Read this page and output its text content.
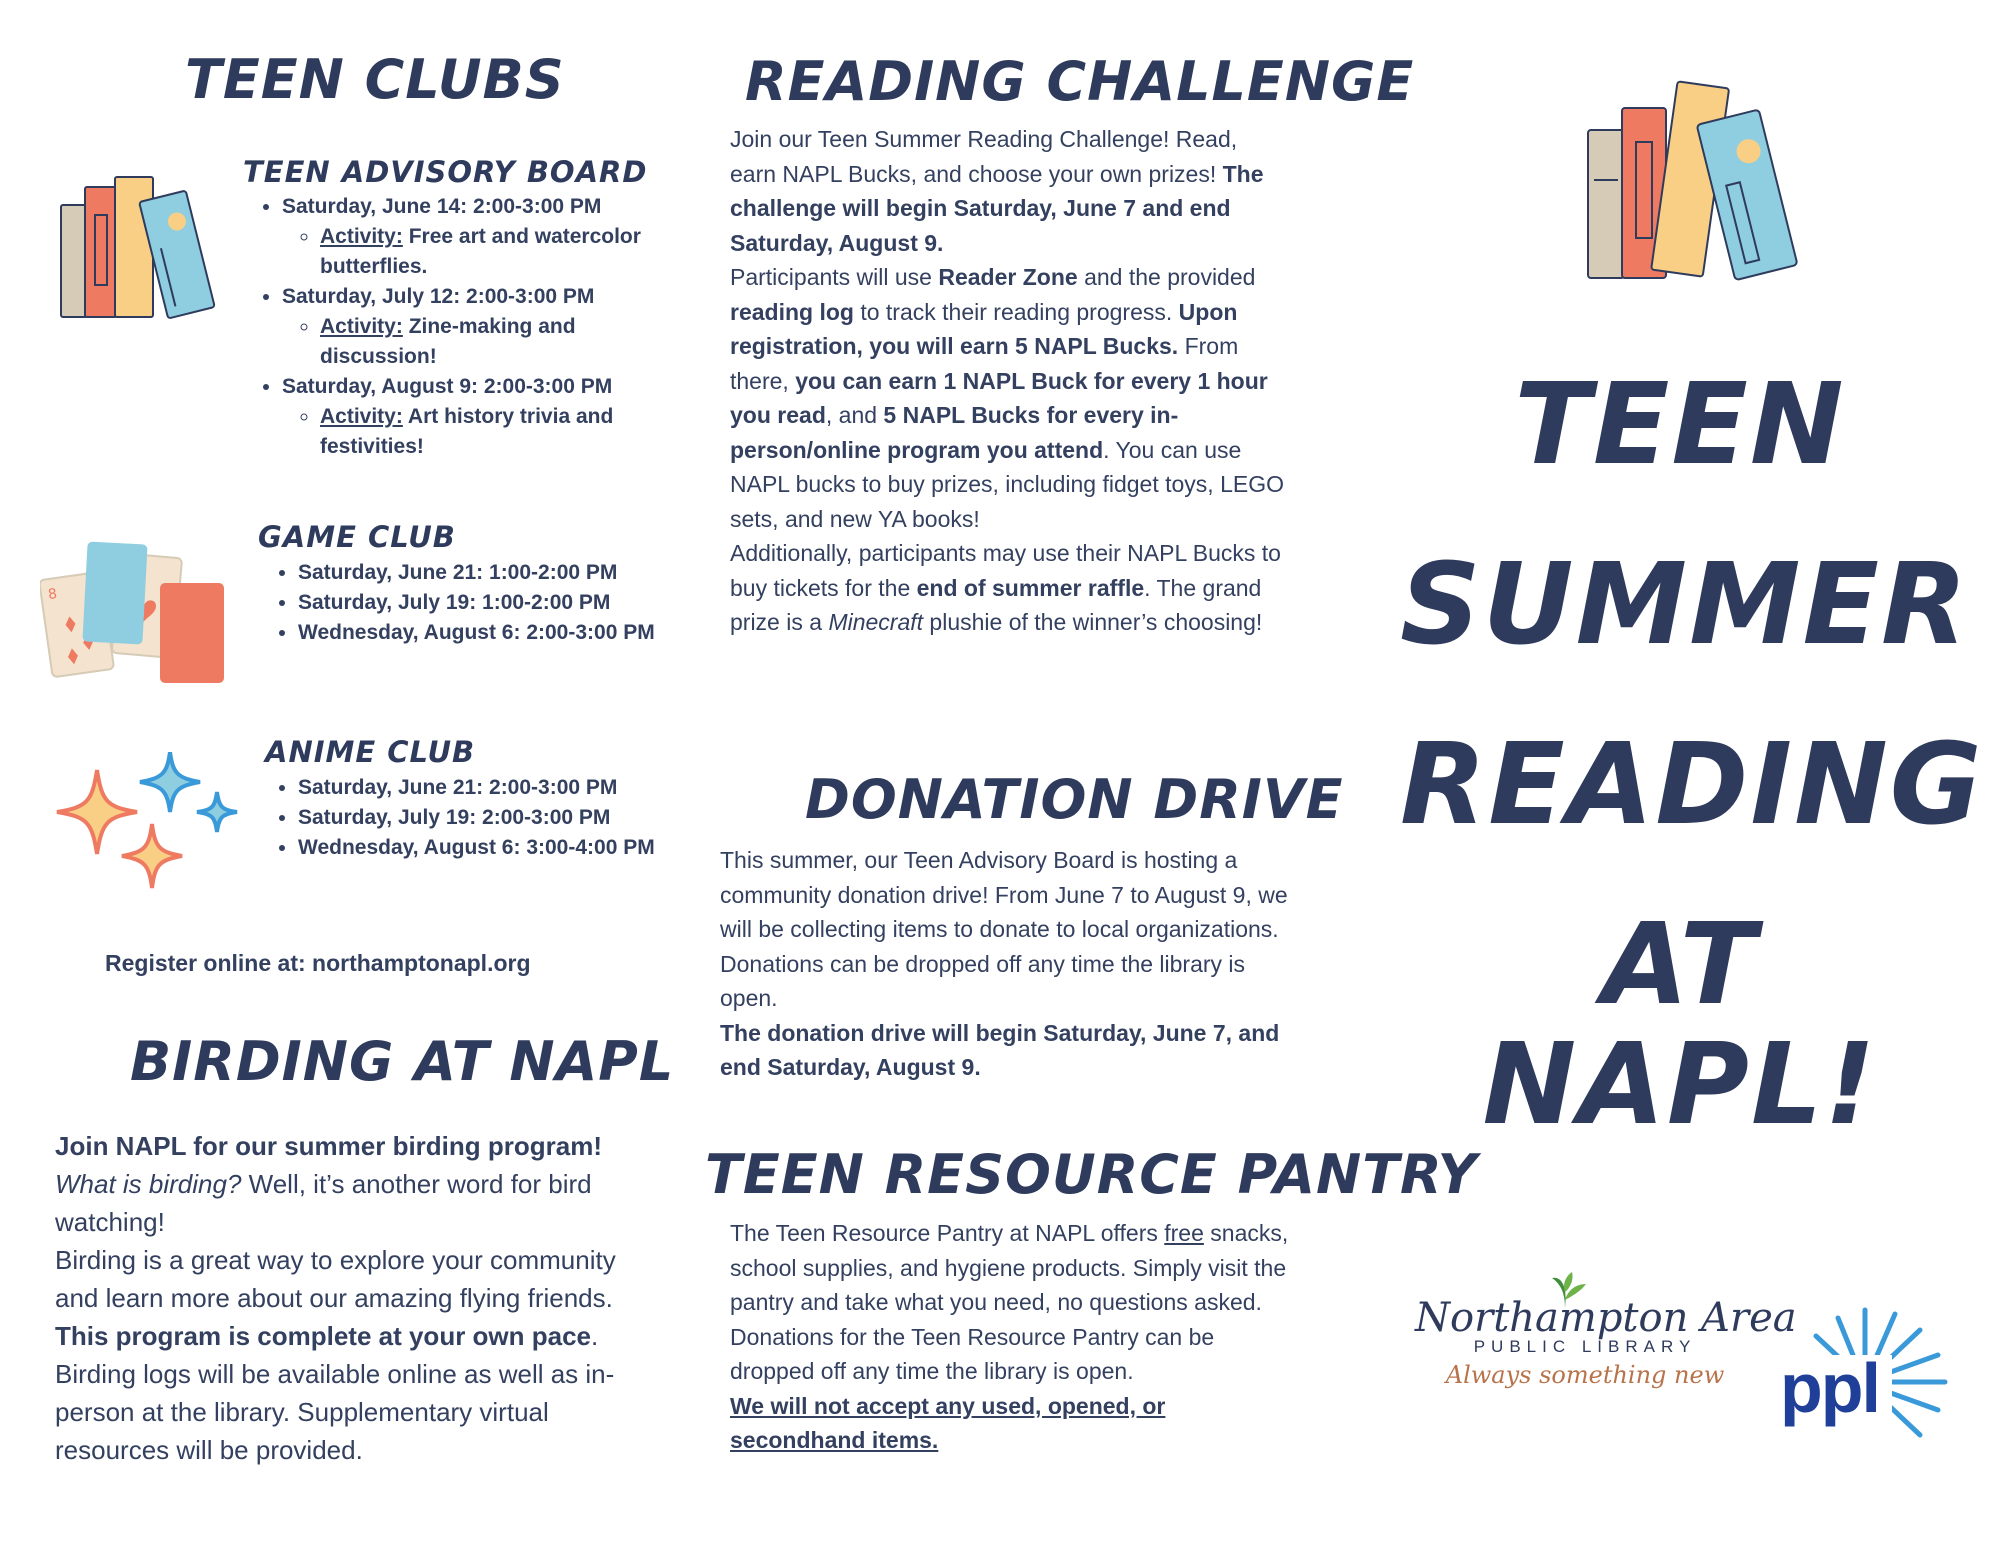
TEEN CLUBS
TEEN ADVISORY BOARD
• Saturday, June 14: 2:00-3:00 PM
◦ Activity: Free art and watercolor butterflies.
• Saturday, July 12: 2:00-3:00 PM
◦ Activity: Zine-making and discussion!
• Saturday, August 9: 2:00-3:00 PM
◦ Activity: Art history trivia and festivities!
8
GAME CLUB
• Saturday, June 21: 1:00-2:00 PM
• Saturday, July 19: 1:00-2:00 PM
• Wednesday, August 6: 2:00-3:00 PM
ANIME CLUB
• Saturday, June 21: 2:00-3:00 PM
• Saturday, July 19: 2:00-3:00 PM
• Wednesday, August 6: 3:00-4:00 PM
Register online at: northamptonapl.org
BIRDING AT NAPL
Join NAPL for our summer birding program!
What is birding? Well, it’s another word for bird watching!
Birding is a great way to explore your community and learn more about our amazing flying friends.
This program is complete at your own pace.
Birding logs will be available online as well as in-person at the library. Supplementary virtual resources will be provided.
READING CHALLENGE
Join our Teen Summer Reading Challenge! Read, earn NAPL Bucks, and choose your own prizes! The challenge will begin Saturday, June 7 and end Saturday, August 9.
Participants will use Reader Zone and the provided reading log to track their reading progress. Upon registration, you will earn 5 NAPL Bucks. From there, you can earn 1 NAPL Buck for every 1 hour you read, and 5 NAPL Bucks for every in-person/online program you attend. You can use NAPL bucks to buy prizes, including fidget toys, LEGO sets, and new YA books!
Additionally, participants may use their NAPL Bucks to buy tickets for the end of summer raffle. The grand prize is a Minecraft plushie of the winner’s choosing!
DONATION DRIVE
This summer, our Teen Advisory Board is hosting a community donation drive! From June 7 to August 9, we will be collecting items to donate to local organizations. Donations can be dropped off any time the library is open.
The donation drive will begin Saturday, June 7, and end Saturday, August 9.
TEEN RESOURCE PANTRY
The Teen Resource Pantry at NAPL offers free snacks, school supplies, and hygiene products. Simply visit the pantry and take what you need, no questions asked.
Donations for the Teen Resource Pantry can be dropped off any time the library is open.
We will not accept any used, opened, or secondhand items.
TEEN
SUMMER
READING
AT NAPL!
Northampton Area
PUBLIC LIBRARY
Always something new ppl
